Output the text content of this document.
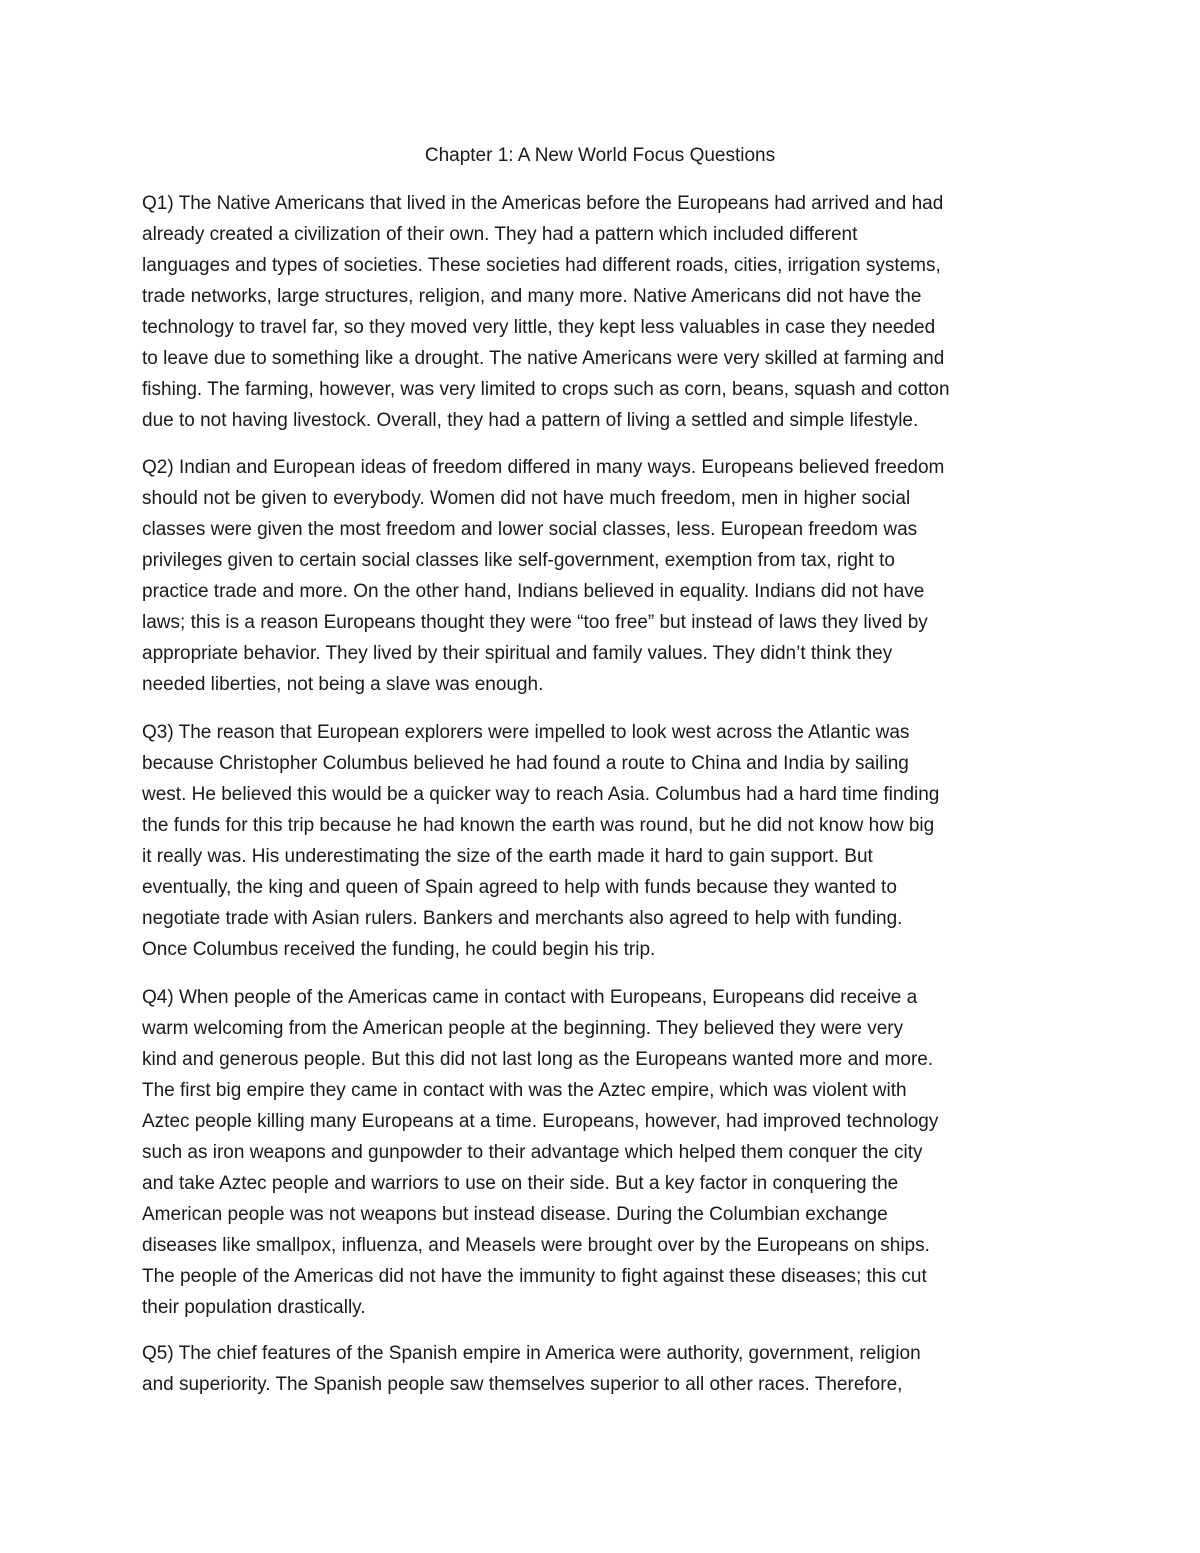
Chapter 1: A New World Focus Questions
Q1) The Native Americans that lived in the Americas before the Europeans had arrived and had
already created a civilization of their own. They had a pattern which included different
languages and types of societies. These societies had different roads, cities, irrigation systems,
trade networks, large structures, religion, and many more. Native Americans did not have the
technology to travel far, so they moved very little, they kept less valuables in case they needed
to leave due to something like a drought. The native Americans were very skilled at farming and
fishing. The farming, however, was very limited to crops such as corn, beans, squash and cotton
due to not having livestock. Overall, they had a pattern of living a settled and simple lifestyle.
Q2) Indian and European ideas of freedom differed in many ways. Europeans believed freedom
should not be given to everybody. Women did not have much freedom, men in higher social
classes were given the most freedom and lower social classes, less. European freedom was
privileges given to certain social classes like self-government, exemption from tax, right to
practice trade and more. On the other hand, Indians believed in equality. Indians did not have
laws; this is a reason Europeans thought they were “too free” but instead of laws they lived by
appropriate behavior. They lived by their spiritual and family values. They didn’t think they
needed liberties, not being a slave was enough.
Q3) The reason that European explorers were impelled to look west across the Atlantic was
because Christopher Columbus believed he had found a route to China and India by sailing
west. He believed this would be a quicker way to reach Asia. Columbus had a hard time finding
the funds for this trip because he had known the earth was round, but he did not know how big
it really was. His underestimating the size of the earth made it hard to gain support. But
eventually, the king and queen of Spain agreed to help with funds because they wanted to
negotiate trade with Asian rulers. Bankers and merchants also agreed to help with funding.
Once Columbus received the funding, he could begin his trip.
Q4) When people of the Americas came in contact with Europeans, Europeans did receive a
warm welcoming from the American people at the beginning. They believed they were very
kind and generous people. But this did not last long as the Europeans wanted more and more.
The first big empire they came in contact with was the Aztec empire, which was violent with
Aztec people killing many Europeans at a time. Europeans, however, had improved technology
such as iron weapons and gunpowder to their advantage which helped them conquer the city
and take Aztec people and warriors to use on their side. But a key factor in conquering the
American people was not weapons but instead disease. During the Columbian exchange
diseases like smallpox, influenza, and Measels were brought over by the Europeans on ships.
The people of the Americas did not have the immunity to fight against these diseases; this cut
their population drastically.
Q5) The chief features of the Spanish empire in America were authority, government, religion
and superiority. The Spanish people saw themselves superior to all other races. Therefore,
